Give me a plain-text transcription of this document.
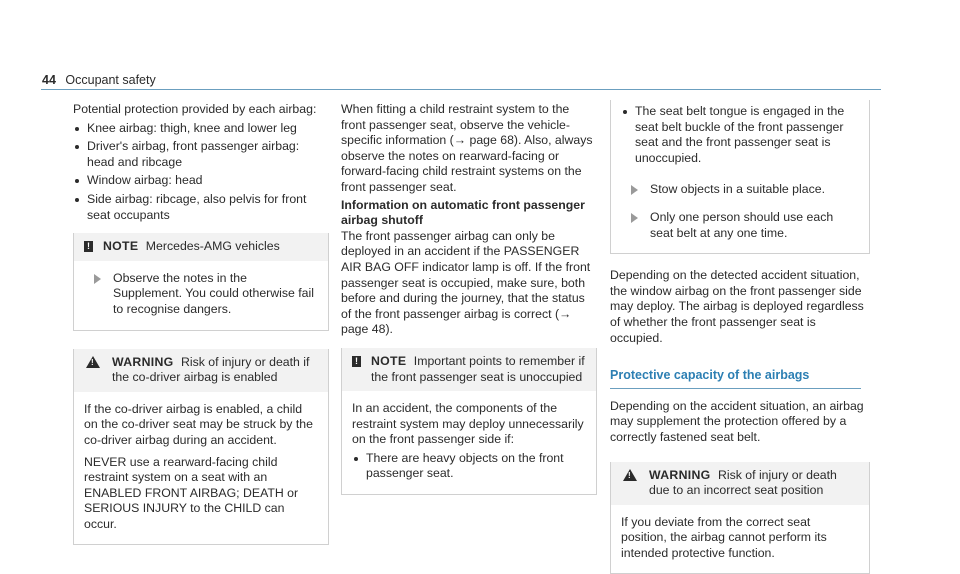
44 Occupant safety

Potential protection provided by each airbag:

Knee airbag: thigh, knee and lower leg
Driver's airbag, front passenger airbag: head and ribcage
Window airbag: head
Side airbag: ribcage, also pelvis for front seat occupants
! NOTE Mercedes-AMG vehicles
Observe the notes in the Supplement. You could otherwise fail to recognise dangers.
!
WARNING Risk of injury or death if the co-driver airbag is enabled

If the co-driver airbag is enabled, a child on the co-driver seat may be struck by the co-driver airbag during an accident.

NEVER use a rearward-facing child restraint system on a seat with an ENABLED FRONT AIRBAG; DEATH or SERIOUS INJURY to the CHILD can occur.

When fitting a child restraint system to the front passenger seat, observe the vehicle-specific information (→ page 68). Also, always observe the notes on rearward-facing or forward-facing child restraint systems on the front passenger seat.

Information on automatic front passenger airbag shutoff

The front passenger airbag can only be deployed in an accident if the PASSENGER AIR BAG OFF indicator lamp is off. If the front passenger seat is occupied, make sure, both before and during the journey, that the status of the front passenger airbag is correct (→ page 48).

! NOTE Important points to remember if the front passenger seat is unoccupied

In an accident, the components of the restraint system may deploy unnecessarily on the front passenger side if:

There are heavy objects on the front passenger seat.
The seat belt tongue is engaged in the seat belt buckle of the front passenger seat and the front passenger seat is unoccupied.
Stow objects in a suitable place.
Only one person should use each seat belt at any one time.

Depending on the detected accident situation, the window airbag on the front passenger side may deploy. The airbag is deployed regardless of whether the front passenger seat is occupied.

Protective capacity of the airbags

Depending on the accident situation, an airbag may supplement the protection offered by a correctly fastened seat belt.

!
WARNING Risk of injury or death due to an incorrect seat position

If you deviate from the correct seat position, the airbag cannot perform its intended protective function.
